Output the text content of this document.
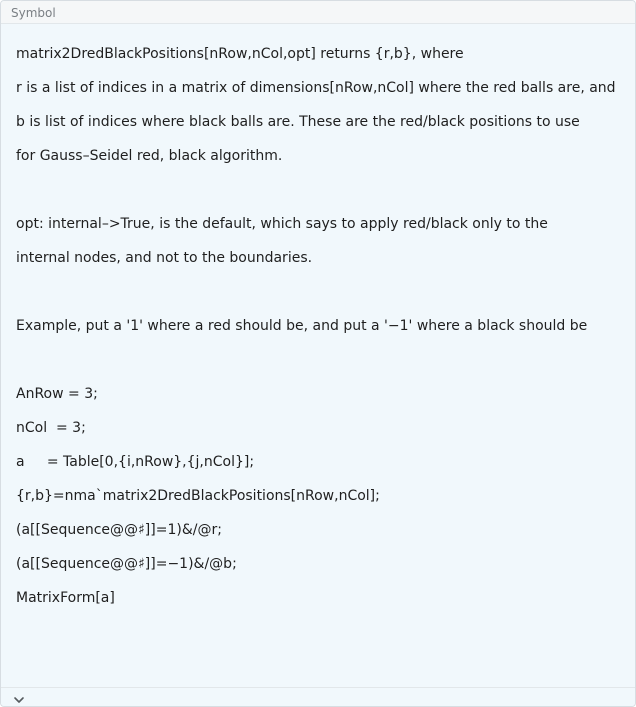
Symbol
matrix2DredBlackPositions[nRow,nCol,opt] returns {r,b}, where
r is a list of indices in a matrix of dimensions[nRow,nCol] where the red balls are, and
b is list of indices where black balls are. These are the red/black positions to use
for Gauss–Seidel red, black algorithm.
opt: internal–>True, is the default, which says to apply red/black only to the
internal nodes, and not to the boundaries.
Example, put a '1' where a red should be, and put a '−1' where a black should be
AnRow = 3;
nCol  = 3;
a     = Table[0,{i,nRow},{j,nCol}];
{r,b}=nma`matrix2DredBlackPositions[nRow,nCol];
(a[[Sequence@@♯]]=1)&/@r;
(a[[Sequence@@♯]]=−1)&/@b;
MatrixForm[a]
